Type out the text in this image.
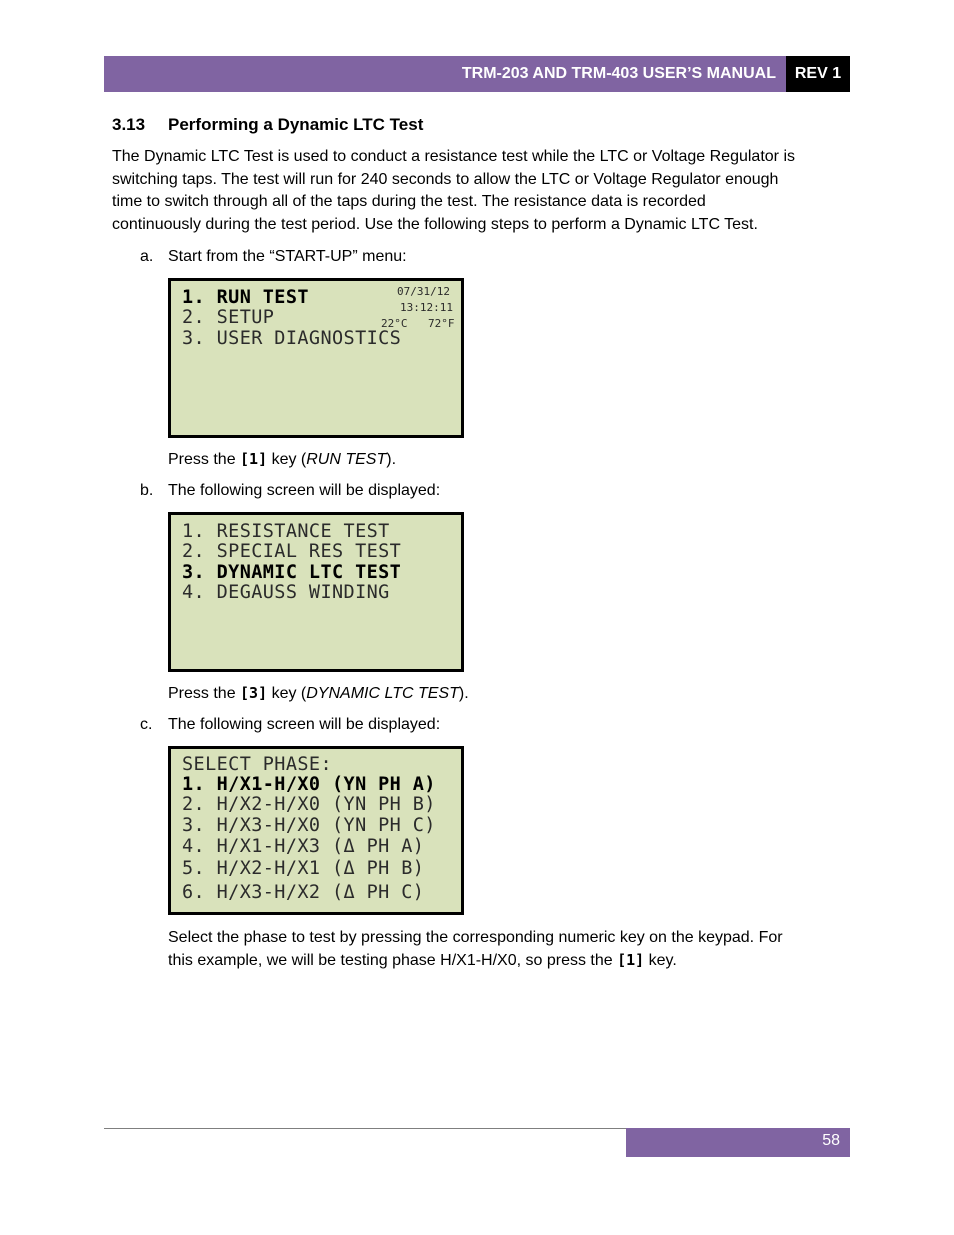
TRM-203 AND TRM-403 USER’S MANUAL	REV 1
3.13 Performing a Dynamic LTC Test
The Dynamic LTC Test is used to conduct a resistance test while the LTC or Voltage Regulator is
switching taps. The test will run for 240 seconds to allow the LTC or Voltage Regulator enough
time to switch through all of the taps during the test. The resistance data is recorded
continuously during the test period. Use the following steps to perform a Dynamic LTC Test.
a. Start from the “START-UP” menu:
1. RUN TEST
2. SETUP
3. USER DIAGNOSTICS
07/31/12
13:12:11
22°C 72°F
Press the [1] key (RUN TEST).
b. The following screen will be displayed:
1. RESISTANCE TEST
2. SPECIAL RES TEST
3. DYNAMIC LTC TEST
4. DEGAUSS WINDING
Press the [3] key (DYNAMIC LTC TEST).
c. The following screen will be displayed:
SELECT PHASE:
1. H/X1-H/X0 (YN PH A)
2. H/X2-H/X0 (YN PH B)
3. H/X3-H/X0 (YN PH C)
4. H/X1-H/X3 (Δ PH A)
5. H/X2-H/X1 (Δ PH B)
6. H/X3-H/X2 (Δ PH C)
Select the phase to test by pressing the corresponding numeric key on the keypad. For
this example, we will be testing phase H/X1-H/X0, so press the [1] key.
58
